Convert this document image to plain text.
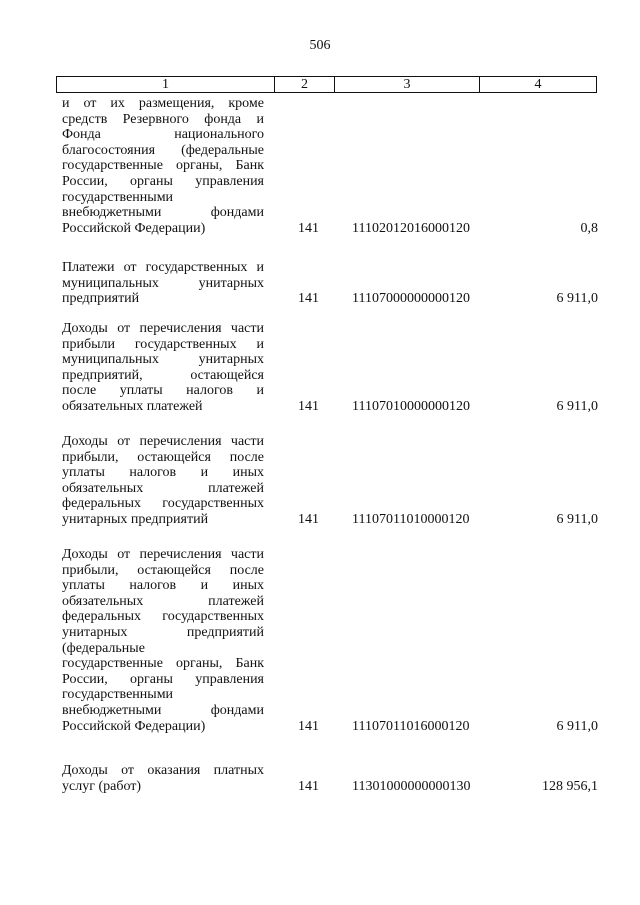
506
1	2	3	4
и от их размещения, кроме
средств Резервного фонда и
Фонда национального
благосостояния (федеральные
государственные органы, Банк
России, органы управления
государственными
внебюджетными фондами
Российской Федерации)	141 11102012016000120	0,8
Платежи от государственных и
муниципальных унитарных
предприятий	141 11107000000000120	6 911,0
Доходы от перечисления части
прибыли государственных и
муниципальных унитарных
предприятий, остающейся
после уплаты налогов и
обязательных платежей	141 11107010000000120	6 911,0
Доходы от перечисления части
прибыли, остающейся после
уплаты налогов и иных
обязательных платежей
федеральных государственных
унитарных предприятий	141 11107011010000120	6 911,0
Доходы от перечисления части
прибыли, остающейся после
уплаты налогов и иных
обязательных платежей
федеральных государственных
унитарных предприятий
(федеральные
государственные органы, Банк
России, органы управления
государственными
внебюджетными фондами
Российской Федерации)	141 11107011016000120	6 911,0
Доходы от оказания платных
услуг (работ)	141 11301000000000130	128 956,1
